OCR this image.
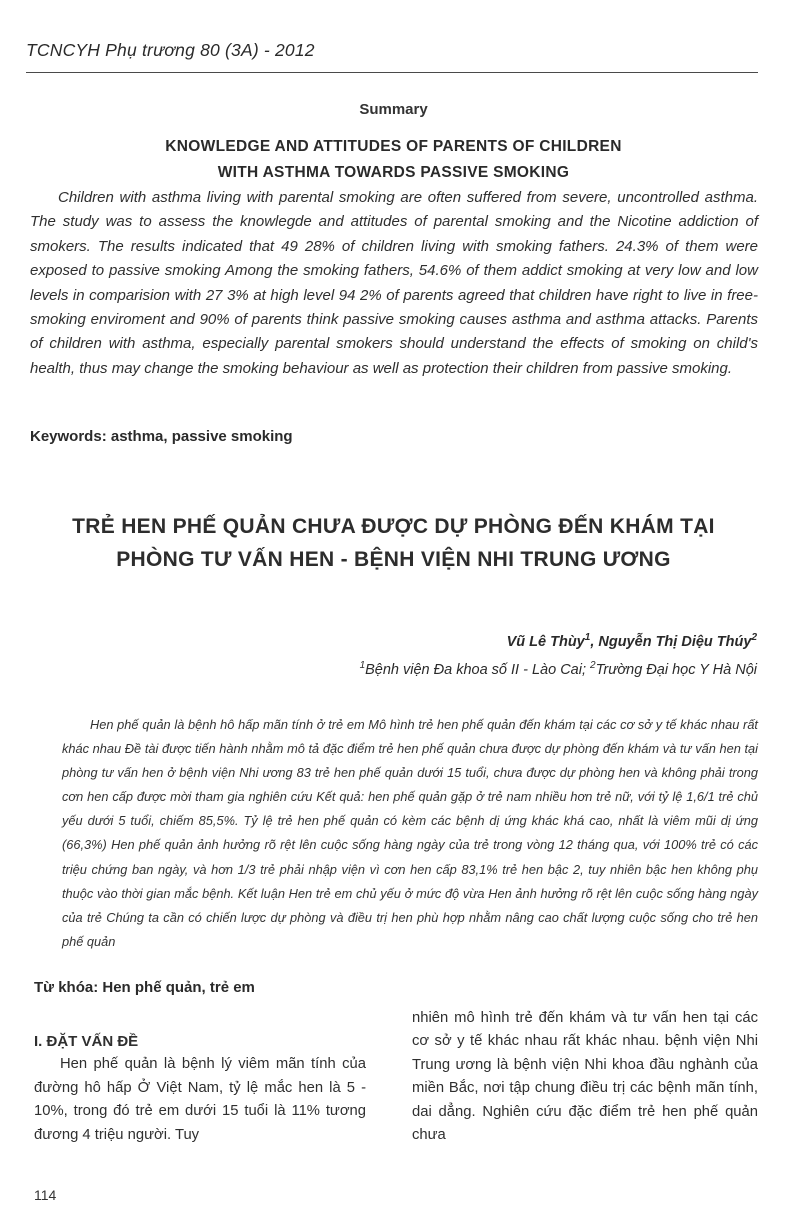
TCNCYH Phụ trương 80 (3A) - 2012
Summary
KNOWLEDGE AND ATTITUDES OF PARENTS OF CHILDREN
WITH ASTHMA TOWARDS PASSIVE SMOKING
Children with asthma living with parental smoking are often suffered from severe, uncontrolled asthma. The study was to assess the knowlegde and attitudes of parental smoking and the Nicotine addiction of smokers. The results indicated that 49 28% of children living with smoking fathers. 24.3% of them were exposed to passive smoking Among the smoking fathers, 54.6% of them addict smoking at very low and low levels in comparision with 27 3% at high level 94 2% of parents agreed that children have right to live in free-smoking enviroment and 90% of parents think passive smoking causes asthma and asthma attacks. Parents of children with asthma, especially parental smokers should understand the effects of smoking on child's health, thus may change the smoking behaviour as well as protection their children from passive smoking.
Keywords: asthma, passive smoking
TRẺ HEN PHẾ QUẢN CHƯA ĐƯỢC DỰ PHÒNG ĐẾN KHÁM TẠI
PHÒNG TƯ VẤN HEN - BỆNH VIỆN NHI TRUNG ƯƠNG
Vũ Lê Thùy$^1$, Nguyễn Thị Diệu Thúy$^2$
$^1$Bệnh viện Đa khoa số II - Lào Cai; $^2$Trường Đại học Y Hà Nội
Hen phế quản là bệnh hô hấp mãn tính ở trẻ em Mô hình trẻ hen phế quản đến khám tại các cơ sở y tế khác nhau rất khác nhau Đề tài được tiến hành nhằm mô tả đặc điểm trẻ hen phế quản chưa được dự phòng đến khám và tư vấn hen tại phòng tư vấn hen ở bệnh viện Nhi ương 83 trẻ hen phế quản dưới 15 tuổi, chưa được dự phòng hen và không phải trong cơn hen cấp được mời tham gia nghiên cứu Kết quả: hen phế quản gặp ở trẻ nam nhiều hơn trẻ nữ, với tỷ lệ 1,6/1 trẻ chủ yếu dưới 5 tuổi, chiếm 85,5%. Tỷ lệ trẻ hen phế quản có kèm các bệnh dị ứng khác khá cao, nhất là viêm mũi dị ứng (66,3%) Hen phế quản ảnh hưởng rõ rệt lên cuộc sống hàng ngày của trẻ trong vòng 12 tháng qua, với 100% trẻ có các triệu chứng ban ngày, và hơn 1/3 trẻ phải nhập viện vì cơn hen cấp 83,1% trẻ hen bậc 2, tuy nhiên bậc hen không phụ thuộc vào thời gian mắc bệnh. Kết luận Hen trẻ em chủ yếu ở mức độ vừa Hen ảnh hưởng rõ rệt lên cuộc sống hàng ngày của trẻ Chúng ta cần có chiến lược dự phòng và điều trị hen phù hợp nhằm nâng cao chất lượng cuộc sống cho trẻ hen phế quản
Từ khóa: Hen phế quản, trẻ em
I. ĐẶT VẤN ĐỀ
Hen phế quản là bệnh lý viêm mãn tính của đường hô hấp Ở Việt Nam, tỷ lệ mắc hen là 5 - 10%, trong đó trẻ em dưới 15 tuổi là 11% tương đương 4 triệu người. Tuy
nhiên mô hình trẻ đến khám và tư vấn hen tại các cơ sở y tế khác nhau rất khác nhau. bệnh viện Nhi Trung ương là bệnh viện Nhi khoa đầu nghành của miền Bắc, nơi tập chung điều trị các bệnh mãn tính, dai dẳng. Nghiên cứu đặc điểm trẻ hen phế quản chưa
114
